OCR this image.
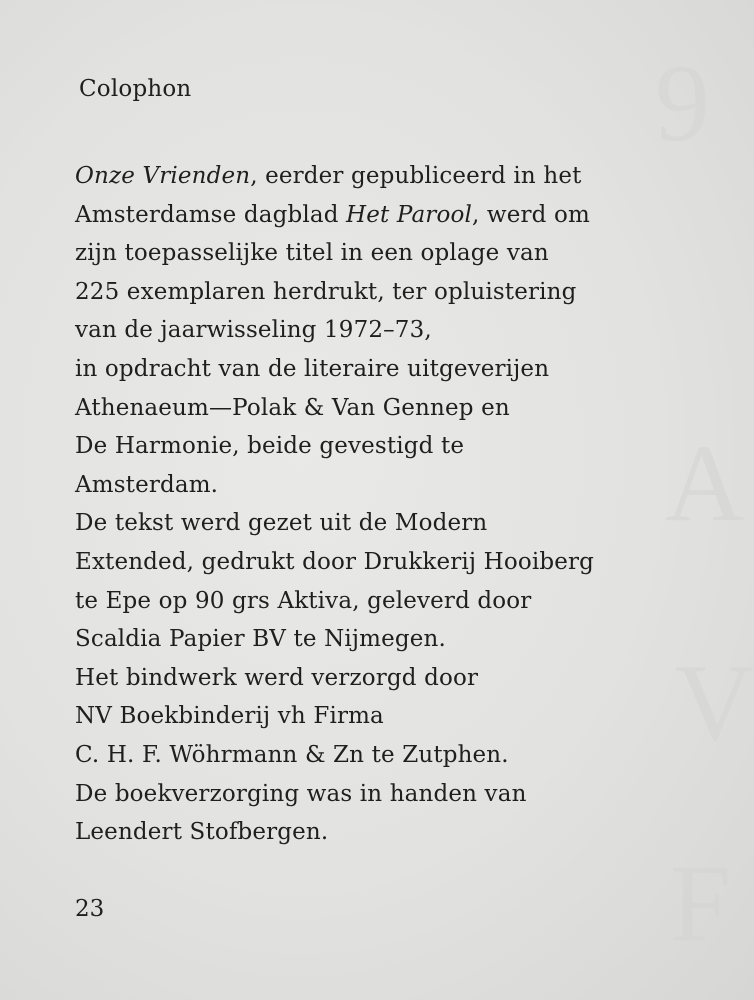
9
A
V
F
Colophon

Onze Vrienden, eerder gepubliceerd in het
Amsterdamse dagblad Het Parool, werd om
zijn toepasselijke titel in een oplage van
225 exemplaren herdrukt, ter opluistering
van de jaarwisseling 1972–73,
in opdracht van de literaire uitgeverijen
Athenaeum—Polak & Van Gennep en
De Harmonie, beide gevestigd te
Amsterdam.
De tekst werd gezet uit de Modern
Extended, gedrukt door Drukkerij Hooiberg
te Epe op 90 grs Aktiva, geleverd door
Scaldia Papier BV te Nijmegen.
Het bindwerk werd verzorgd door
NV Boekbinderij vh Firma
C. H. F. Wöhrmann & Zn te Zutphen.
De boekverzorging was in handen van
Leendert Stofbergen.

23
